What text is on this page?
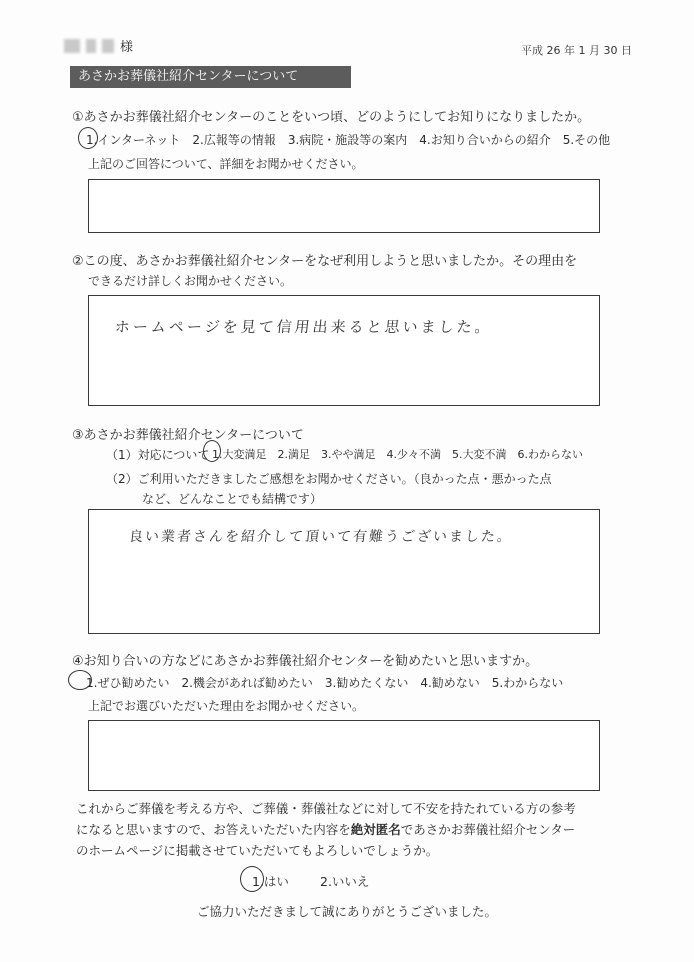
様	平成 26 年 1 月 30 日
あさかお葬儀社紹介センターについて
①あさかお葬儀社紹介センターのことをいつ頃、どのようにしてお知りになりましたか。
1.インターネット　2.広報等の情報　3.病院・施設等の案内　4.お知り合いからの紹介　5.その他
上記のご回答について、詳細をお聞かせください。
②この度、あさかお葬儀社紹介センターをなぜ利用しようと思いましたか。その理由を
できるだけ詳しくお聞かせください。
ホームページを見て信用出来ると思いました。
③あさかお葬儀社紹介センターについて
（1）対応について 1.大変満足　2.満足　3.やや満足　4.少々不満　5.大変不満　6.わからない
（2）ご利用いただきましたご感想をお聞かせください。（良かった点・悪かった点
など、どんなことでも結構です）
良い業者さんを紹介して頂いて有難うございました。
④お知り合いの方などにあさかお葬儀社紹介センターを勧めたいと思いますか。
1.ぜひ勧めたい　2.機会があれば勧めたい　3.勧めたくない　4.勧めない　5.わからない
上記でお選びいただいた理由をお聞かせください。
これからご葬儀を考える方や、ご葬儀・葬儀社などに対して不安を持たれている方の参考
になると思いますので、お答えいただいた内容を絶対匿名であさかお葬儀社紹介センター
のホームページに掲載させていただいてもよろしいでしょうか。
1.はい 2.いいえ
ご協力いただきまして誠にありがとうございました。
